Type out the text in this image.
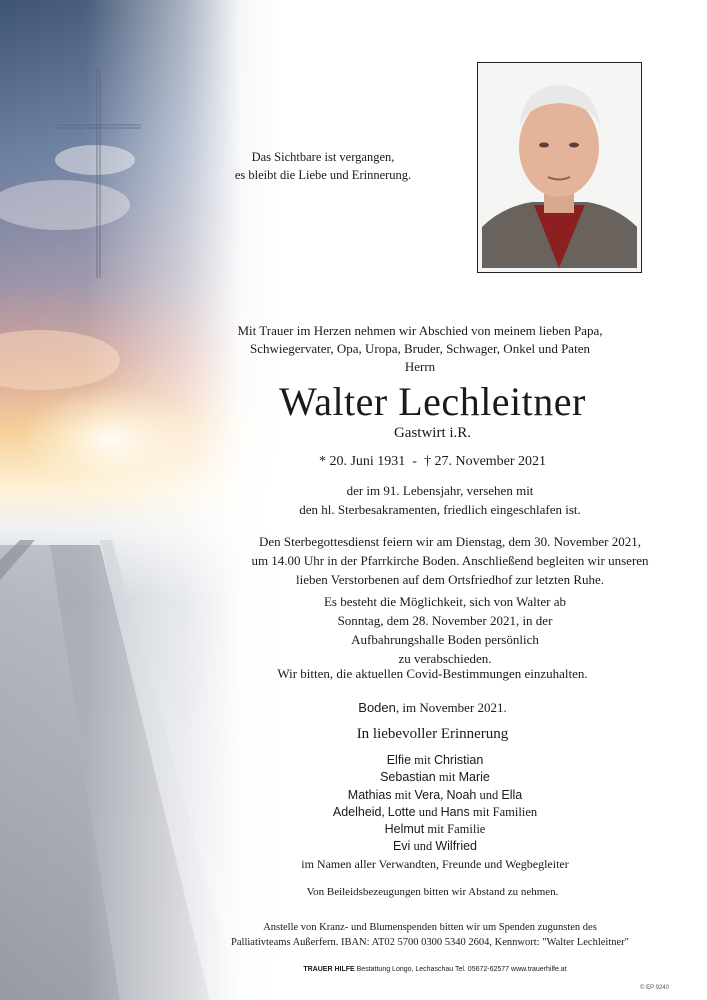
Das Sichtbare ist vergangen,
es bleibt die Liebe und Erinnerung.
Mit Trauer im Herzen nehmen wir Abschied von meinem lieben Papa,
Schwiegervater, Opa, Uropa, Bruder, Schwager, Onkel und Paten
Herrn
Walter Lechleitner
Gastwirt i.R.
* 20. Juni 1931 - † 27. November 2021
der im 91. Lebensjahr, versehen mit
den hl. Sterbesakramenten, friedlich eingeschlafen ist.
Den Sterbegottesdienst feiern wir am Dienstag, dem 30. November 2021,
um 14.00 Uhr in der Pfarrkirche Boden. Anschließend begleiten wir unseren
lieben Verstorbenen auf dem Ortsfriedhof zur letzten Ruhe.
Es besteht die Möglichkeit, sich von Walter ab
Sonntag, dem 28. November 2021, in der
Aufbahrungshalle Boden persönlich
zu verabschieden.
Wir bitten, die aktuellen Covid-Bestimmungen einzuhalten.
Boden, im November 2021.
In liebevoller Erinnerung
Elfie mit Christian
Sebastian mit Marie
Mathias mit Vera, Noah und Ella
Adelheid, Lotte und Hans mit Familien
Helmut mit Familie
Evi und Wilfried
im Namen aller Verwandten, Freunde und Wegbegleiter
Von Beileidsbezeugungen bitten wir Abstand zu nehmen.
Anstelle von Kranz- und Blumenspenden bitten wir um Spenden zugunsten des
Palliativteams Außerfern. IBAN: AT02 5700 0300 5340 2604, Kennwort: "Walter Lechleitner"
TRAUER HILFE Bestattung Longo, Lechaschau Tel. 05672-62577 www.trauerhilfe.at
© EP 9240
